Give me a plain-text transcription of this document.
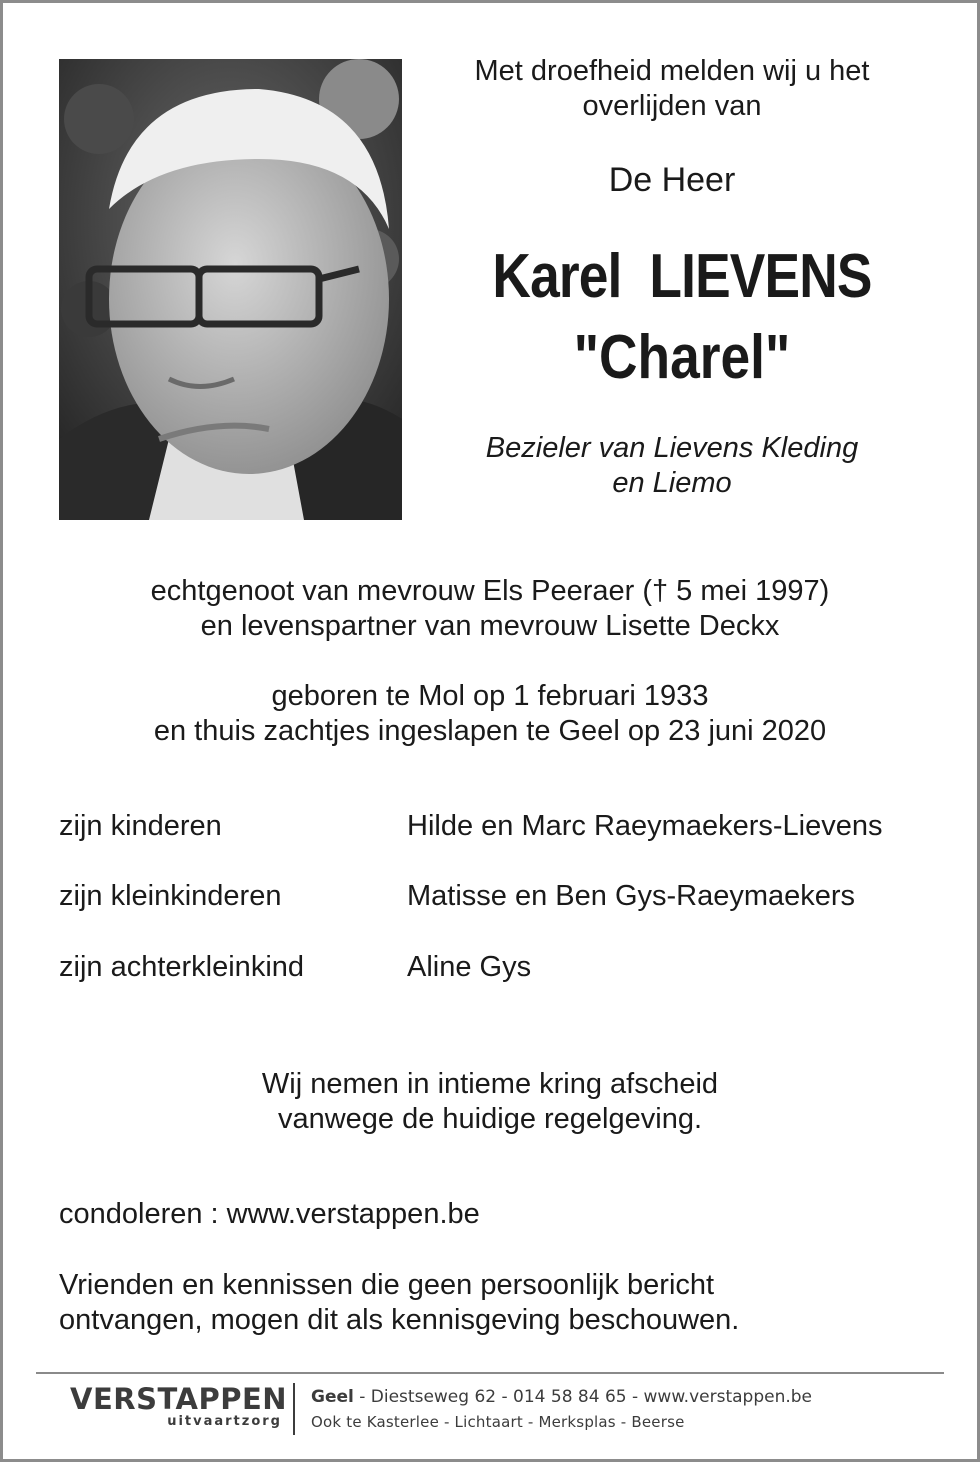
Met droefheid melden wij u het
overlijden van
De Heer
Karel  LIEVENS
"Charel"
Bezieler van Lievens Kleding
en Liemo
echtgenoot van mevrouw Els Peeraer († 5 mei 1997)
en levenspartner van mevrouw Lisette Deckx
geboren te Mol op 1 februari 1933
en thuis zachtjes ingeslapen te Geel op 23 juni 2020
zijn kinderen	Hilde en Marc Raeymaekers-Lievens
zijn kleinkinderen	Matisse en Ben Gys-Raeymaekers
zijn achterkleinkind	Aline Gys
Wij nemen in intieme kring afscheid
vanwege de huidige regelgeving.
condoleren : www.verstappen.be
Vrienden en kennissen die geen persoonlijk bericht
ontvangen, mogen dit als kennisgeving beschouwen.
VERSTAPPEN
uitvaartzorg
Geel - Diestseweg 62 - 014 58 84 65 - www.verstappen.be
Ook te Kasterlee - Lichtaart - Merksplas - Beerse
